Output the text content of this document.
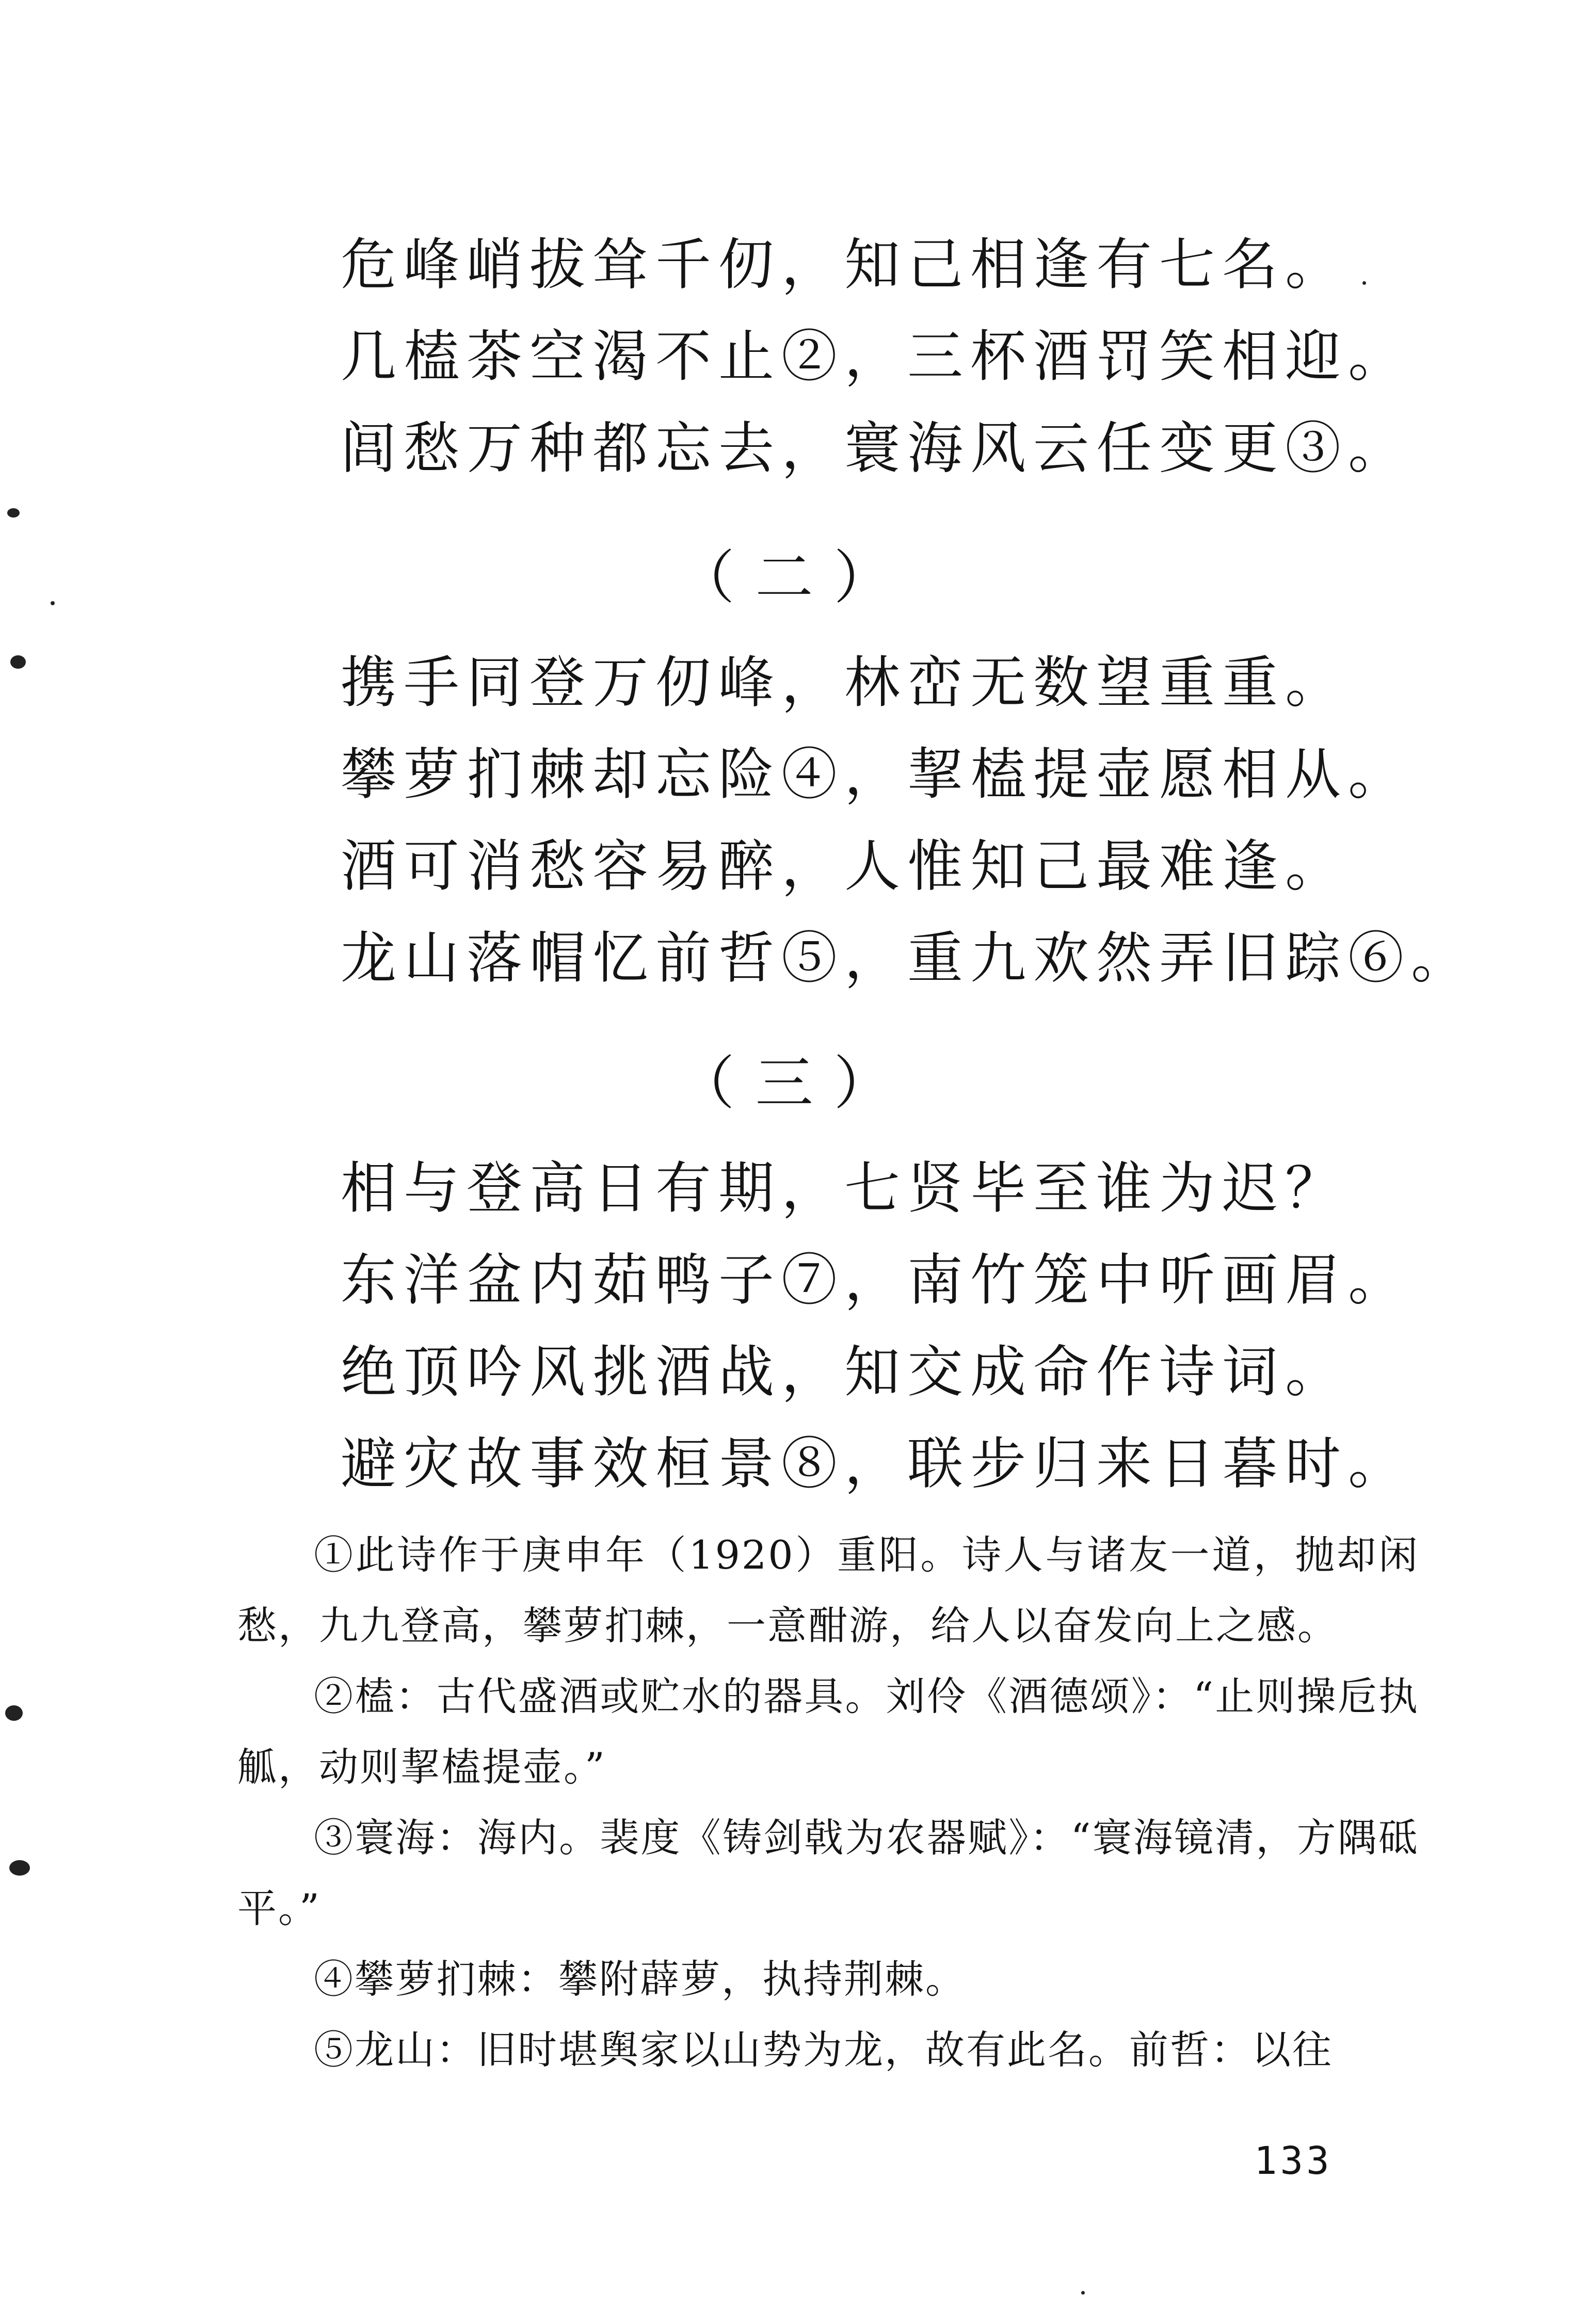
危峰峭拔耸千仞，知己相逢有七名。

几榼茶空渴不止②，三杯酒罚笑相迎。

闾愁万种都忘去，寰海风云任变更③。

（二）

携手同登万仞峰，林峦无数望重重。

攀萝扪棘却忘险④，挈榼提壶愿相从。

酒可消愁容易醉，人惟知己最难逢。

龙山落帽忆前哲⑤，重九欢然弄旧踪⑥。

（三）

相与登高日有期，七贤毕至谁为迟？

东洋盆内茹鸭子⑦，南竹笼中听画眉。

绝顶吟风挑酒战，知交成命作诗词。

避灾故事效桓景⑧，联步归来日暮时。

①此诗作于庚申年（1920）重阳。诗人与诸友一道，抛却闲愁，九九登高，攀萝扪棘，一意酣游，给人以奋发向上之感。

②榼：古代盛酒或贮水的器具。刘伶《酒德颂》：“止则操卮执觚，动则挈榼提壶。”

③寰海：海内。裴度《铸剑戟为农器赋》：“寰海镜清，方隅砥平。”

④攀萝扪棘：攀附薜萝，执持荆棘。

⑤龙山：旧时堪舆家以山势为龙，故有此名。前哲：以往

133
